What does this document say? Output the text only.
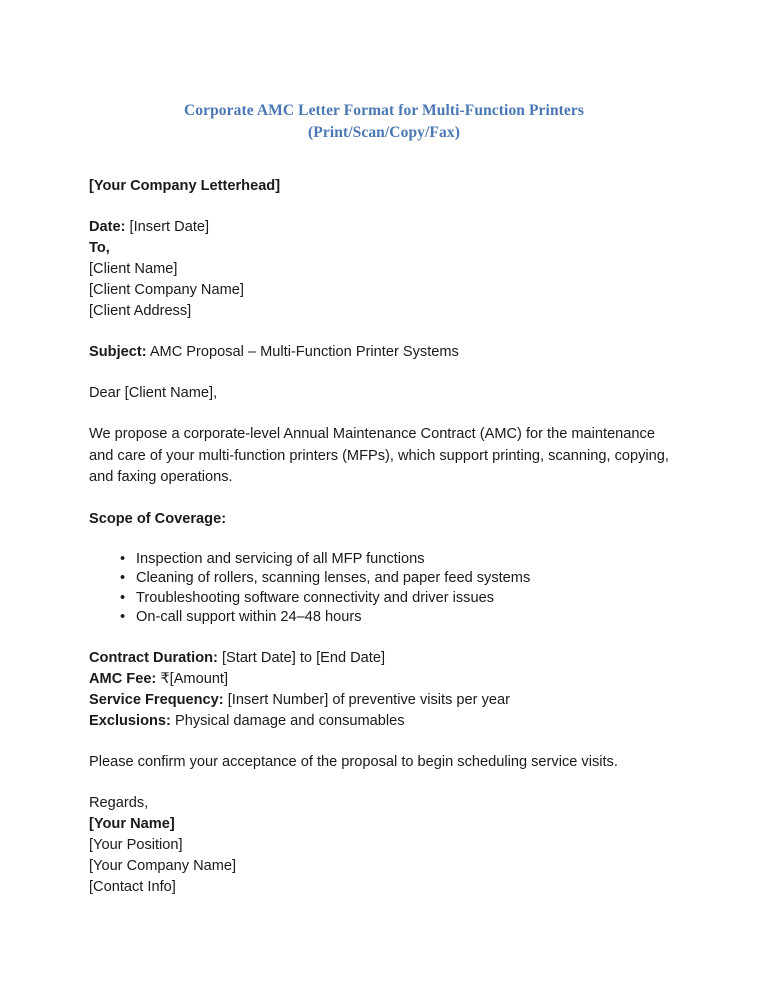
Corporate AMC Letter Format for Multi-Function Printers
(Print/Scan/Copy/Fax)
[Your Company Letterhead]
Date: [Insert Date]
To,
[Client Name]
[Client Company Name]
[Client Address]
Subject: AMC Proposal – Multi-Function Printer Systems
Dear [Client Name],

We propose a corporate-level Annual Maintenance Contract (AMC) for the maintenance and care of your multi-function printers (MFPs), which support printing, scanning, copying, and faxing operations.

Scope of Coverage:
• Inspection and servicing of all MFP functions
• Cleaning of rollers, scanning lenses, and paper feed systems
• Troubleshooting software connectivity and driver issues
• On-call support within 24–48 hours
Contract Duration: [Start Date] to [End Date]
AMC Fee: ₹[Amount]
Service Frequency: [Insert Number] of preventive visits per year
Exclusions: Physical damage and consumables
Please confirm your acceptance of the proposal to begin scheduling service visits.
Regards,
[Your Name]
[Your Position]
[Your Company Name]
[Contact Info]
